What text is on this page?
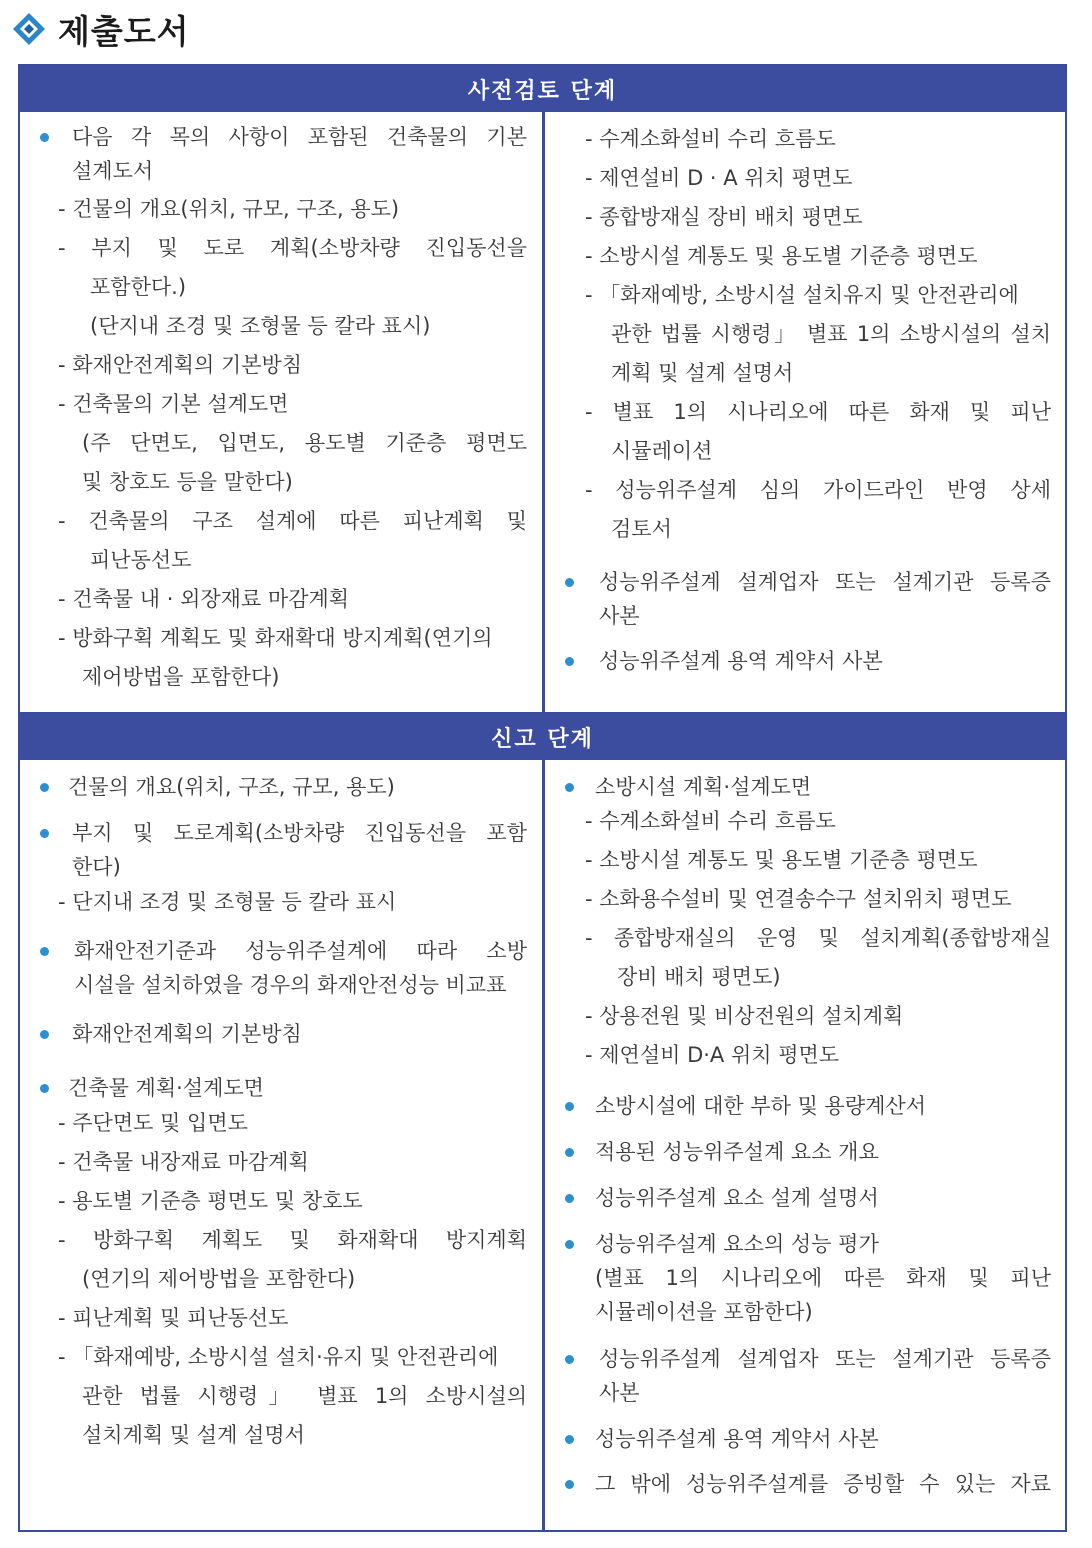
제출도서
사전검토 단계
다음 각 목의 사항이 포함된 건축물의 기본
설계도서
- 건물의 개요(위치, 규모, 구조, 용도)
- 부지 및 도로 계획(소방차량 진입동선을
포함한다.)
(단지내 조경 및 조형물 등 칼라 표시)
- 화재안전계획의 기본방침
- 건축물의 기본 설계도면
(주 단면도, 입면도, 용도별 기준층 평면도
및 창호도 등을 말한다)
- 건축물의 구조 설계에 따른 피난계획 및
피난동선도
- 건축물 내 · 외장재료 마감계획
- 방화구획 계획도 및 화재확대 방지계획(연기의
제어방법을 포함한다)
- 수계소화설비 수리 흐름도
- 제연설비 D · A 위치 평면도
- 종합방재실 장비 배치 평면도
- 소방시설 계통도 및 용도별 기준층 평면도
- 「화재예방, 소방시설 설치유지 및 안전관리에
관한 법률 시행령」 별표 1의 소방시설의 설치
계획 및 설계 설명서
- 별표 1의 시나리오에 따른 화재 및 피난
시뮬레이션
- 성능위주설계 심의 가이드라인 반영 상세
검토서
성능위주설계 설계업자 또는 설계기관 등록증
사본
성능위주설계 용역 계약서 사본
신고 단계
건물의 개요(위치, 구조, 규모, 용도)
부지 및 도로계획(소방차량 진입동선을 포함
한다)
- 단지내 조경 및 조형물 등 칼라 표시
화재안전기준과 성능위주설계에 따라 소방
시설을 설치하였을 경우의 화재안전성능 비교표
화재안전계획의 기본방침
건축물 계획·설계도면
- 주단면도 및 입면도
- 건축물 내장재료 마감계획
- 용도별 기준층 평면도 및 창호도
- 방화구획 계획도 및 화재확대 방지계획
(연기의 제어방법을 포함한다)
- 피난계획 및 피난동선도
- 「화재예방, 소방시설 설치·유지 및 안전관리에
관한 법률 시행령」 별표 1의 소방시설의
설치계획 및 설계 설명서
소방시설 계획·설계도면
- 수계소화설비 수리 흐름도
- 소방시설 계통도 및 용도별 기준층 평면도
- 소화용수설비 및 연결송수구 설치위치 평면도
- 종합방재실의 운영 및 설치계획(종합방재실
장비 배치 평면도)
- 상용전원 및 비상전원의 설치계획
- 제연설비 D·A 위치 평면도
소방시설에 대한 부하 및 용량계산서
적용된 성능위주설계 요소 개요
성능위주설계 요소 설계 설명서
성능위주설계 요소의 성능 평가
(별표 1의 시나리오에 따른 화재 및 피난
시뮬레이션을 포함한다)
성능위주설계 설계업자 또는 설계기관 등록증
사본
성능위주설계 용역 계약서 사본
그 밖에 성능위주설계를 증빙할 수 있는 자료
